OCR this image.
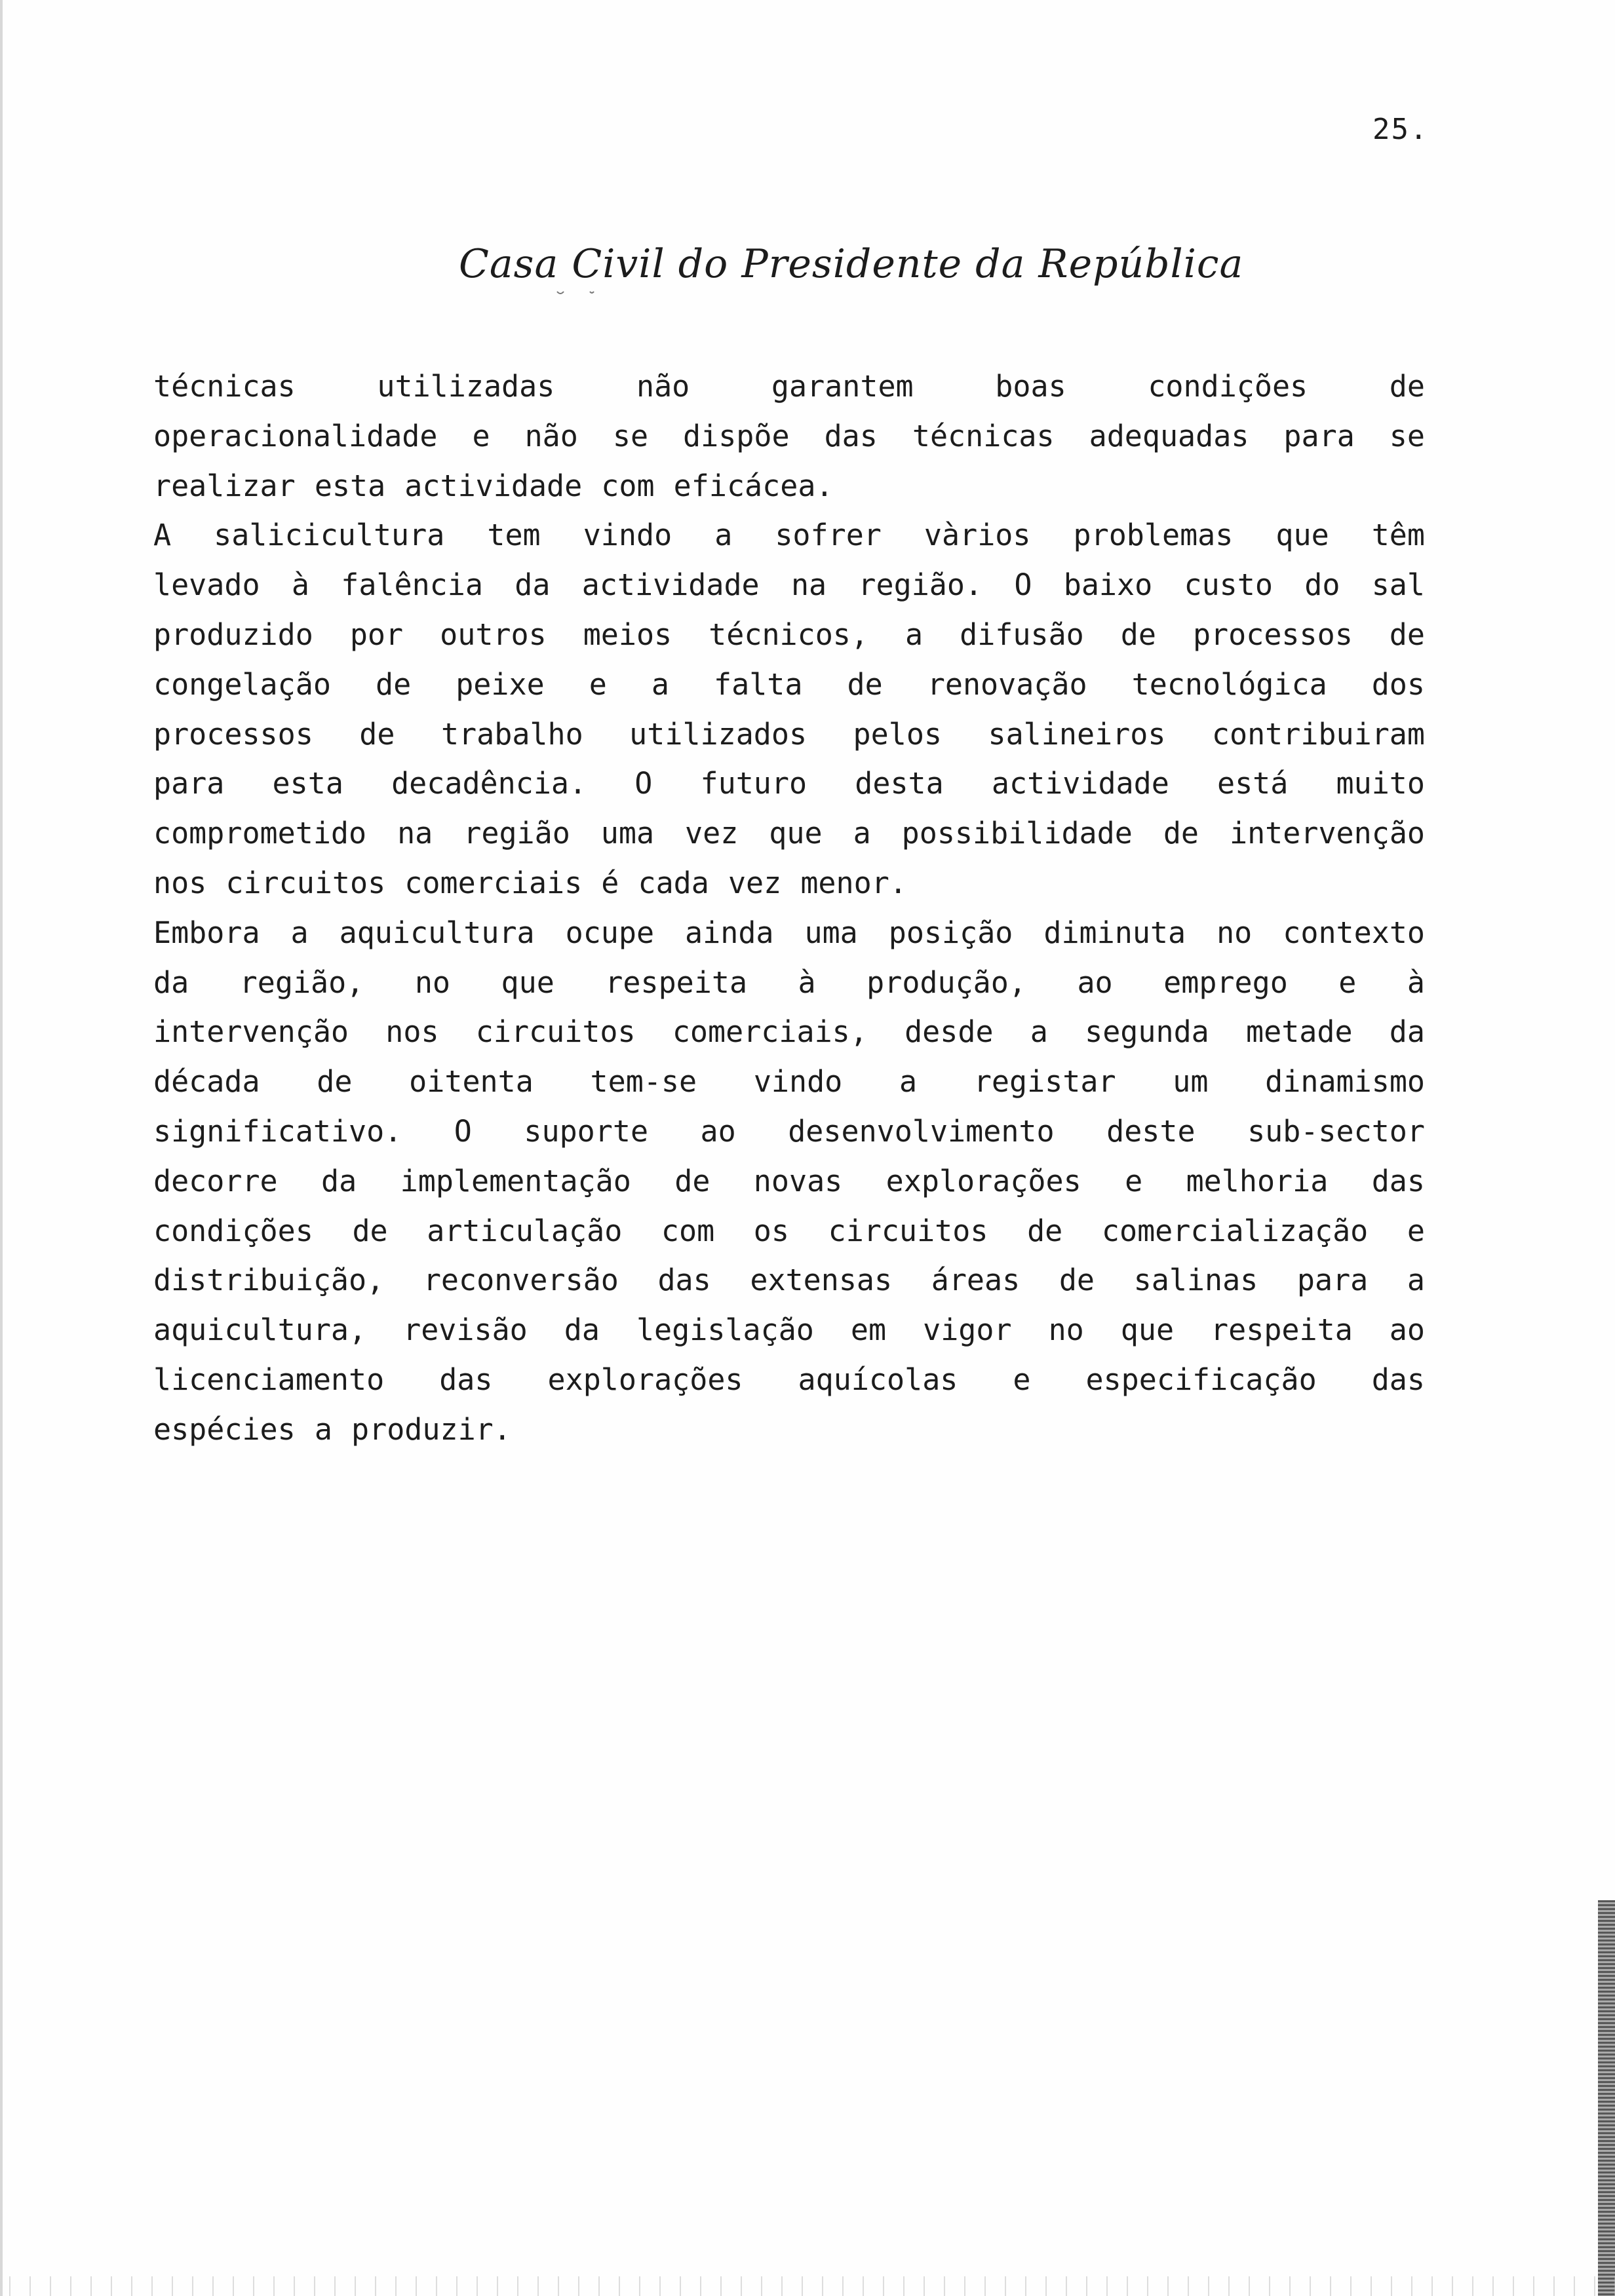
25.
Casa Civil do Presidente da República
técnicas utilizadas não garantem boas condições de
operacionalidade e não se dispõe das técnicas adequadas para se
realizar esta actividade com eficácea.
A salicicultura tem vindo a sofrer vàrios problemas que têm
levado à falência da actividade na região. O baixo custo do sal
produzido por outros meios técnicos, a difusão de processos de
congelação de peixe e a falta de renovação tecnológica dos
processos de trabalho utilizados pelos salineiros contribuiram
para esta decadência. O futuro desta actividade está muito
comprometido na região uma vez que a possibilidade de intervenção
nos circuitos comerciais é cada vez menor.
Embora a aquicultura ocupe ainda uma posição diminuta no contexto
da região, no que respeita à produção, ao emprego e à
intervenção nos circuitos comerciais, desde a segunda metade da
década de oitenta tem-se vindo a registar um dinamismo
significativo. O suporte ao desenvolvimento deste sub-sector
decorre da implementação de novas explorações e melhoria das
condições de articulação com os circuitos de comercialização e
distribuição, reconversão das extensas áreas de salinas para a
aquicultura, revisão da legislação em vigor no que respeita ao
licenciamento das explorações aquícolas e especificação das
espécies a produzir.
